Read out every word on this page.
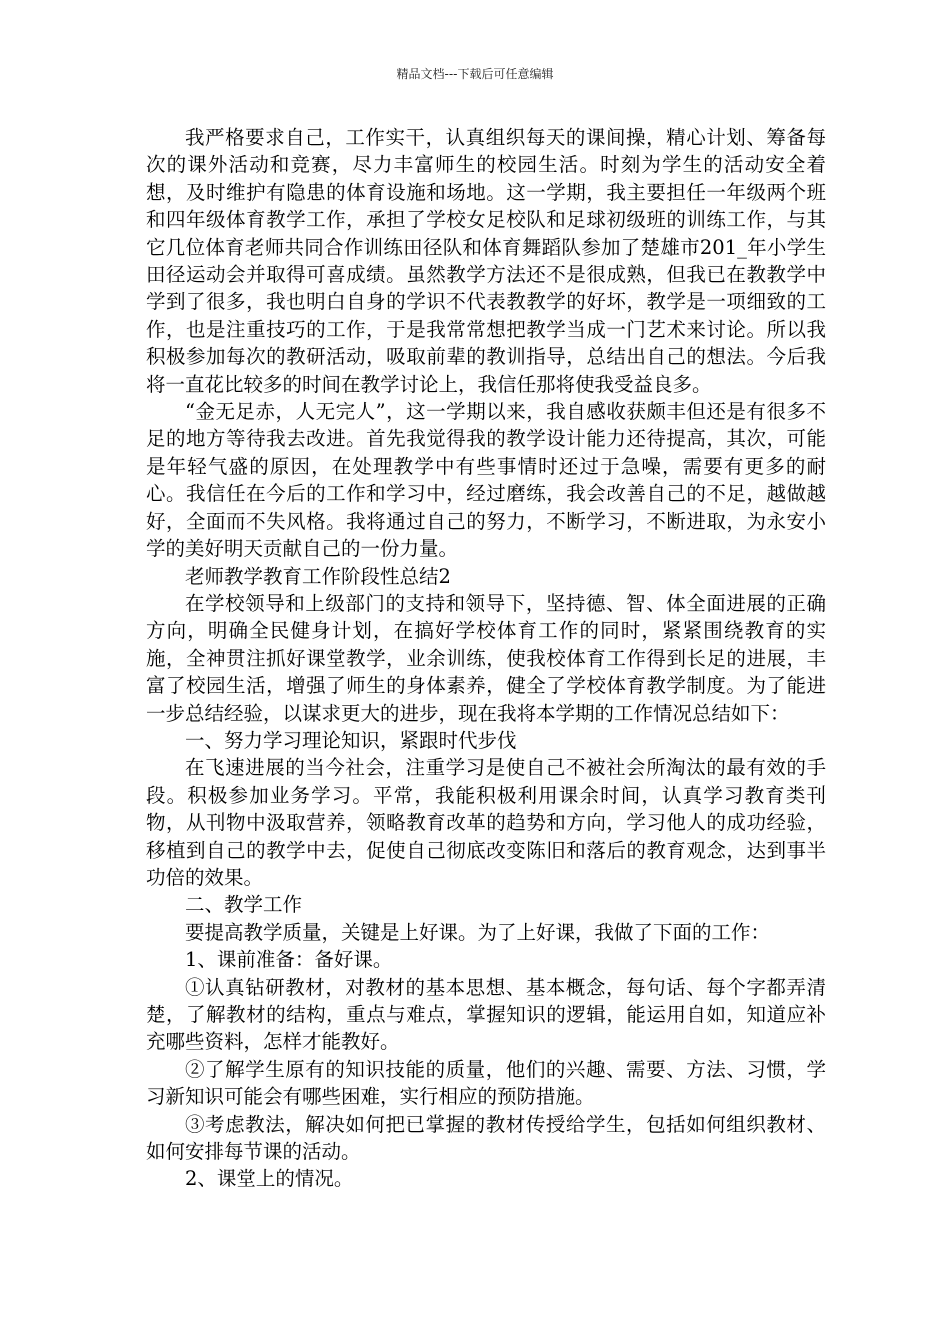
精品文档---下载后可任意编辑

我严格要求自己，工作实干，认真组织每天的课间操，精心计划、筹备每次的课外活动和竞赛，尽力丰富师生的校园生活。时刻为学生的活动安全着想，及时维护有隐患的体育设施和场地。这一学期，我主要担任一年级两个班和四年级体育教学工作，承担了学校女足校队和足球初级班的训练工作，与其它几位体育老师共同合作训练田径队和体育舞蹈队参加了楚雄市201_年小学生田径运动会并取得可喜成绩。虽然教学方法还不是很成熟，但我已在教教学中学到了很多，我也明白自身的学识不代表教教学的好坏，教学是一项细致的工作，也是注重技巧的工作，于是我常常想把教学当成一门艺术来讨论。所以我积极参加每次的教研活动，吸取前辈的教训指导，总结出自己的想法。今后我将一直花比较多的时间在教学讨论上，我信任那将使我受益良多。

“金无足赤，人无完人”，这一学期以来，我自感收获颇丰但还是有很多不足的地方等待我去改进。首先我觉得我的教学设计能力还待提高，其次，可能是年轻气盛的原因，在处理教学中有些事情时还过于急噪，需要有更多的耐心。我信任在今后的工作和学习中，经过磨练，我会改善自己的不足，越做越好，全面而不失风格。我将通过自己的努力，不断学习，不断进取，为永安小学的美好明天贡献自己的一份力量。

老师教学教育工作阶段性总结2

在学校领导和上级部门的支持和领导下，坚持德、智、体全面进展的正确方向，明确全民健身计划，在搞好学校体育工作的同时，紧紧围绕教育的实施，全神贯注抓好课堂教学，业余训练，使我校体育工作得到长足的进展，丰富了校园生活，增强了师生的身体素养，健全了学校体育教学制度。为了能进一步总结经验，以谋求更大的进步，现在我将本学期的工作情况总结如下：

一、努力学习理论知识，紧跟时代步伐

在飞速进展的当今社会，注重学习是使自己不被社会所淘汰的最有效的手段。积极参加业务学习。平常，我能积极利用课余时间，认真学习教育类刊物，从刊物中汲取营养，领略教育改革的趋势和方向，学习他人的成功经验，移植到自己的教学中去，促使自己彻底改变陈旧和落后的教育观念，达到事半功倍的效果。

二、教学工作

要提高教学质量，关键是上好课。为了上好课，我做了下面的工作：

1、课前准备：备好课。

①认真钻研教材，对教材的基本思想、基本概念，每句话、每个字都弄清楚，了解教材的结构，重点与难点，掌握知识的逻辑，能运用自如，知道应补充哪些资料，怎样才能教好。

②了解学生原有的知识技能的质量，他们的兴趣、需要、方法、习惯，学习新知识可能会有哪些困难，实行相应的预防措施。

③考虑教法，解决如何把已掌握的教材传授给学生，包括如何组织教材、如何安排每节课的活动。

2、课堂上的情况。
